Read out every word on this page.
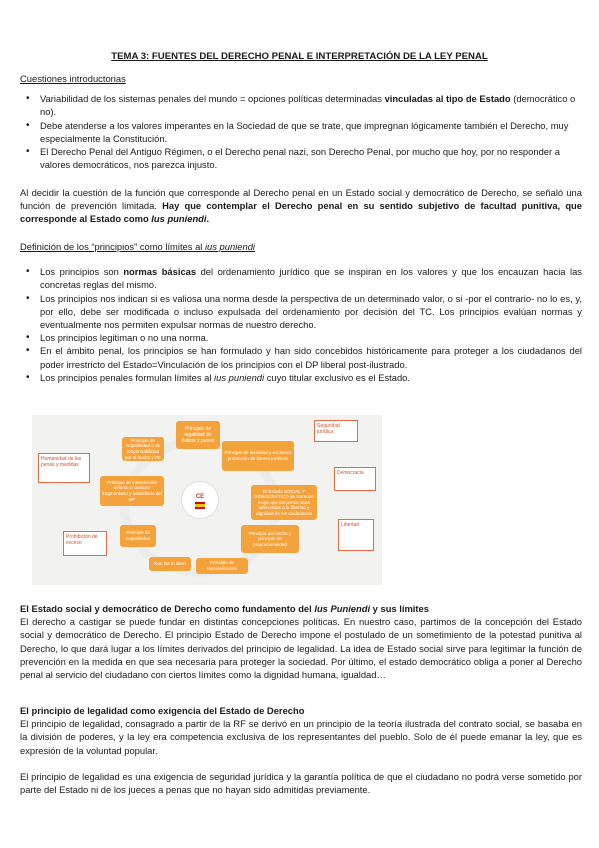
TEMA 3: FUENTES DEL DERECHO PENAL E INTERPRETACIÓN DE LA LEY PENAL
Cuestiones introductorias
• Variabilidad de los sistemas penales del mundo = opciones políticas determinadas vinculadas al tipo de Estado (democrático o no).
• Debe atenderse a los valores imperantes en la Sociedad de que se trate, que impregnan lógicamente también el Derecho, muy especialmente la Constitución.
• El Derecho Penal del Antiguo Régimen, o el Derecho penal nazi, son Derecho Penal, por mucho que hoy, por no responder a valores democráticos, nos parezca injusto.
Al decidir la cuestión de la función que corresponde al Derecho penal en un Estado social y democrático de Derecho, se señaló una función de prevención limitada. Hay que contemplar el Derecho penal en su sentido subjetivo de facultad punitiva, que corresponde al Estado como Ius puniendi.
Definición de los “principios” como límites al ius puniendi
• Los principios son normas básicas del ordenamiento jurídico que se inspiran en los valores y que los encauzan hacia las concretas reglas del mismo.
• Los principios nos indican si es valiosa una norma desde la perspectiva de un determinado valor, o si -por el contrario- no lo es, y, por ello, debe ser modificada o incluso expulsada del ordenamiento por decisión del TC. Los principios evalúan normas y eventualmente nos permiten expulsar normas de nuestro derecho.
• Los principios legitiman o no una norma.
• En el ámbito penal, los principios se han formulado y han sido concebidos históricamente para proteger a los ciudadanos del poder irrestricto del Estado=Vinculación de los principios con el DP liberal post-ilustrado.
• Los principios penales formulan límites al ius puniendi cuyo titular exclusivo es el Estado.
CE
Principio de legalidad de delitos y penas
Principio de culpabilidad o de responsabilidad por el hecho y PE
Principio de lesividad y exclusiva protección de bienes jurídicos
Principio de intervención mínima o carácter fragmentario y subsidiario del DP
El Estado SOCIAL Y DEMOCRÁTICO de Derecho exige que las penas sean adecuadas a la libertad y dignidad de los ciudadanos
Principio de culpabilidad
Principio del hecho y principio de proporcionalidad
Non bis in idem	Principio de resocialización
Humanidad de las penas y medidas
Prohibición de exceso
Seguridad jurídica
Democracia
Libertad
El Estado social y democrático de Derecho como fundamento del Ius Puniendi y sus límites

El derecho a castigar se puede fundar en distintas concepciones políticas. En nuestro caso, partimos de la concepción del Estado social y democrático de Derecho. El principio Estado de Derecho impone el postulado de un sometimiento de la potestad punitiva al Derecho, lo que dará lugar a los límites derivados del principio de legalidad. La idea de Estado social sirve para legitimar la función de prevención en la medida en que sea necesaria para proteger la sociedad. Por último, el estado democrático obliga a poner al Derecho penal al servicio del ciudadano con ciertos límites como la dignidad humana, igualdad…

El principio de legalidad como exigencia del Estado de Derecho

El principio de legalidad, consagrado a partir de la RF se derivó en un principio de la teoría ilustrada del contrato social, se basaba en la división de poderes, y la ley era competencia exclusiva de los representantes del pueblo. Solo de él puede emanar la ley, que es expresión de la voluntad popular.

El principio de legalidad es una exigencia de seguridad jurídica y la garantía política de que el ciudadano no podrá verse sometido por parte del Estado ni de los jueces a penas que no hayan sido admitidas previamente.
